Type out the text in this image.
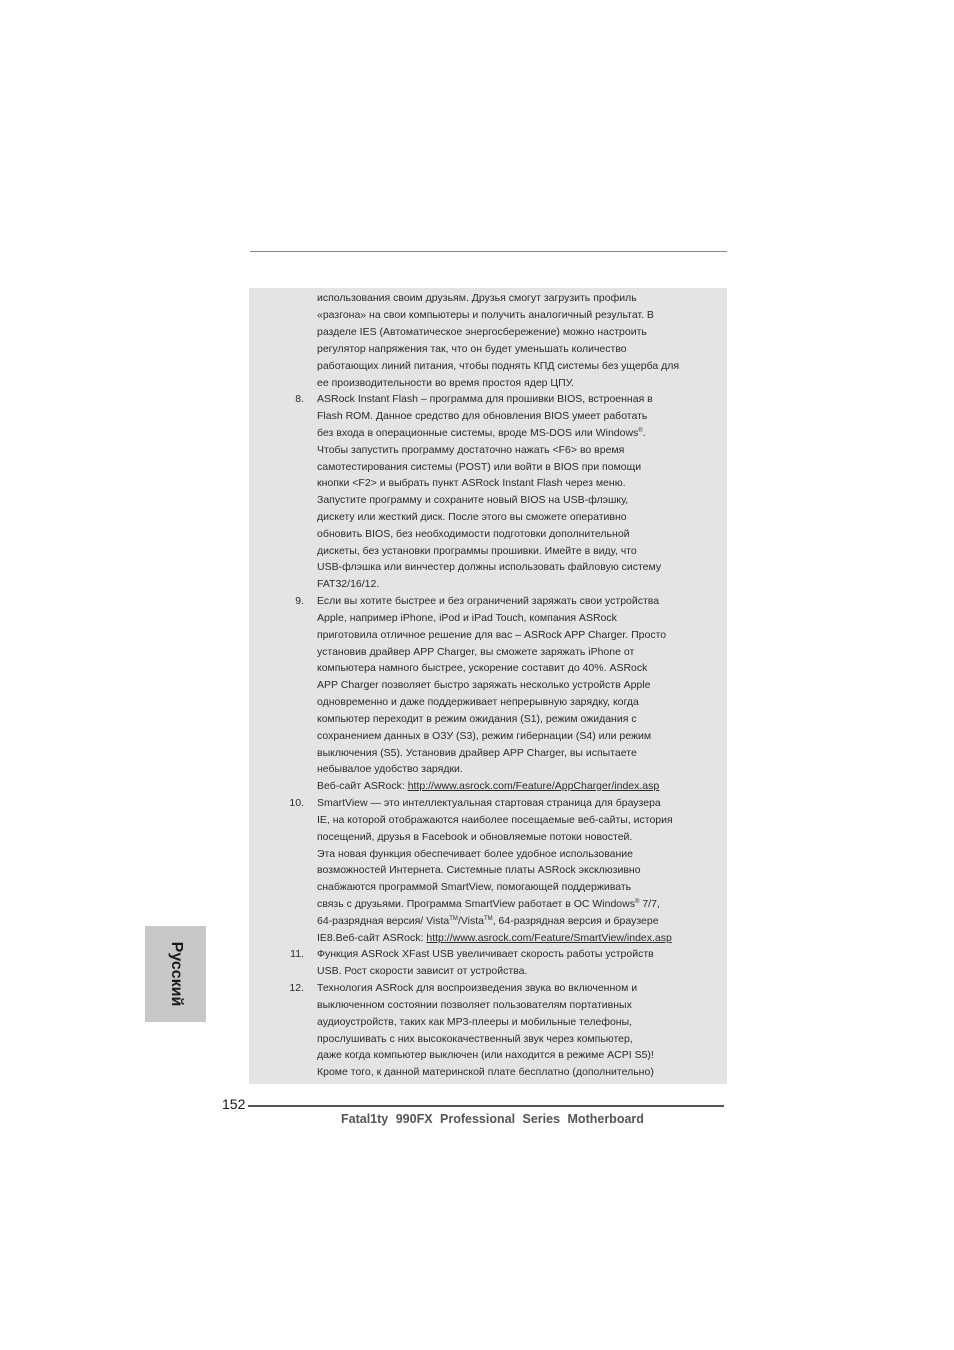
использования своим друзьям. Друзья смогут загрузить профиль
«разгона» на свои компьютеры и получить аналогичный результат. В
разделе IES (Автоматическое энергосбережение) можно настроить
регулятор напряжения так, что он будет уменьшать количество
работающих линий питания, чтобы поднять КПД системы без ущерба для
ее производительности во время простоя ядер ЦПУ.
8. ASRock Instant Flash – программа для прошивки BIOS, встроенная в
Flash ROM. Данное средство для обновления BIOS умеет работать
без входа в операционные системы, вроде MS-DOS или Windows®.
Чтобы запустить программу достаточно нажать <F6> во время
самотестирования системы (POST) или войти в BIOS при помощи
кнопки <F2> и выбрать пункт ASRock Instant Flash через меню.
Запустите программу и сохраните новый BIOS на USB-флэшку,
дискету или жесткий диск. После этого вы сможете оперативно
обновить BIOS, без необходимости подготовки дополнительной
дискеты, без установки программы прошивки. Имейте в виду, что
USB-флэшка или винчестер должны использовать файловую систему
FAT32/16/12.
9. Если вы хотите быстрее и без ограничений заряжать свои устройства
Apple, например iPhone, iPod и iPad Touch, компания ASRock
приготовила отличное решение для вас – ASRock APP Charger. Просто
установив драйвер APP Charger, вы сможете заряжать iPhone от
компьютера намного быстрее, ускорение составит до 40%. ASRock
APP Charger позволяет быстро заряжать несколько устройств Apple
одновременно и даже поддерживает непрерывную зарядку, когда
компьютер переходит в режим ожидания (S1), режим ожидания с
сохранением данных в ОЗУ (S3), режим гибернации (S4) или режим
выключения (S5). Установив драйвер APP Charger, вы испытаете
небывалое удобство зарядки.
Веб-сайт ASRock: http://www.asrock.com/Feature/AppCharger/index.asp
10. SmartView — это интеллектуальная стартовая страница для браузера
IE, на которой отображаются наиболее посещаемые веб-сайты, история
посещений, друзья в Facebook и обновляемые потоки новостей.
Эта новая функция обеспечивает более удобное использование
возможностей Интернета. Системные платы ASRock эксклюзивно
снабжаются программой SmartView, помогающей поддерживать
связь с друзьями. Программа SmartView работает в ОС Windows® 7/7,
64-разрядная версия/ Vista™/Vista™, 64-разрядная версия и браузере
IE8.Веб-сайт ASRock: http://www.asrock.com/Feature/SmartView/index.asp
11. Функция ASRock XFast USB увеличивает скорость работы устройств
USB. Рост скорости зависит от устройства.
12. Технология ASRock для воспроизведения звука во включенном и
выключенном состоянии позволяет пользователям портативных
аудиоустройств, таких как MP3-плееры и мобильные телефоны,
прослушивать с них высококачественный звук через компьютер,
даже когда компьютер выключен (или находится в режиме ACPI S5)!
Кроме того, к данной материнской плате бесплатно (дополнительно)
Русский
152
Fatal1ty 990FX Professional Series Motherboard
